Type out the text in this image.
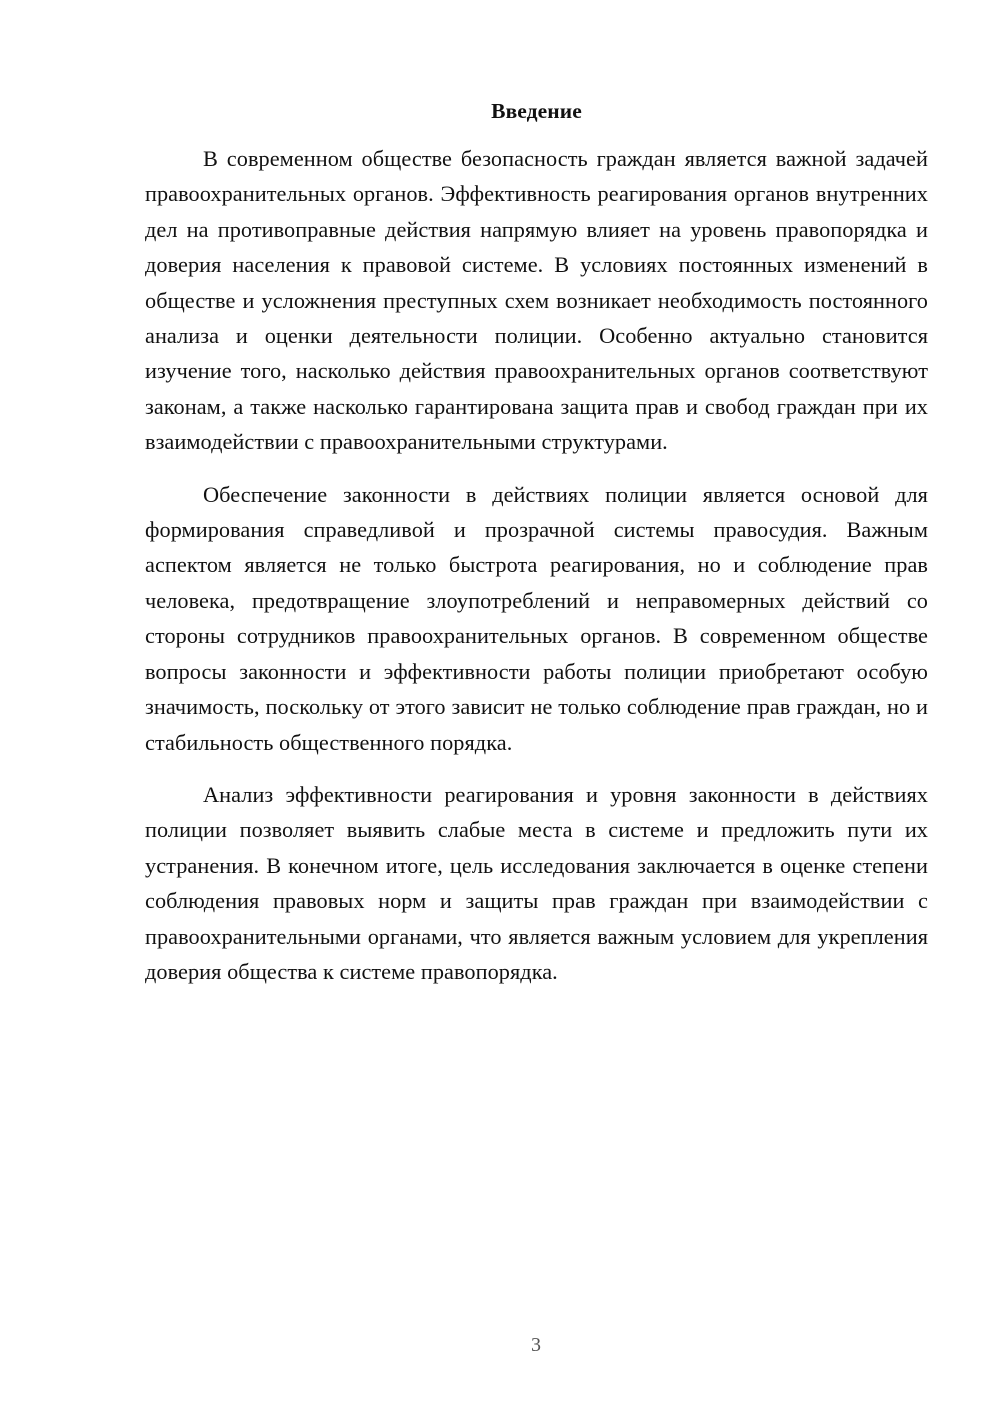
Введение

В современном обществе безопасность граждан является важной задачей правоохранительных органов. Эффективность реагирования органов внутренних дел на противоправные действия напрямую влияет на уровень правопорядка и доверия населения к правовой системе. В условиях постоянных изменений в обществе и усложнения преступных схем возникает необходимость постоянного анализа и оценки деятельности полиции. Особенно актуально становится изучение того, насколько действия правоохранительных органов соответствуют законам, а также насколько гарантирована защита прав и свобод граждан при их взаимодействии с правоохранительными структурами.

Обеспечение законности в действиях полиции является основой для формирования справедливой и прозрачной системы правосудия. Важным аспектом является не только быстрота реагирования, но и соблюдение прав человека, предотвращение злоупотреблений и неправомерных действий со стороны сотрудников правоохранительных органов. В современном обществе вопросы законности и эффективности работы полиции приобретают особую значимость, поскольку от этого зависит не только соблюдение прав граждан, но и стабильность общественного порядка.

Анализ эффективности реагирования и уровня законности в действиях полиции позволяет выявить слабые места в системе и предложить пути их устранения. В конечном итоге, цель исследования заключается в оценке степени соблюдения правовых норм и защиты прав граждан при взаимодействии с правоохранительными органами, что является важным условием для укрепления доверия общества к системе правопорядка.

3
